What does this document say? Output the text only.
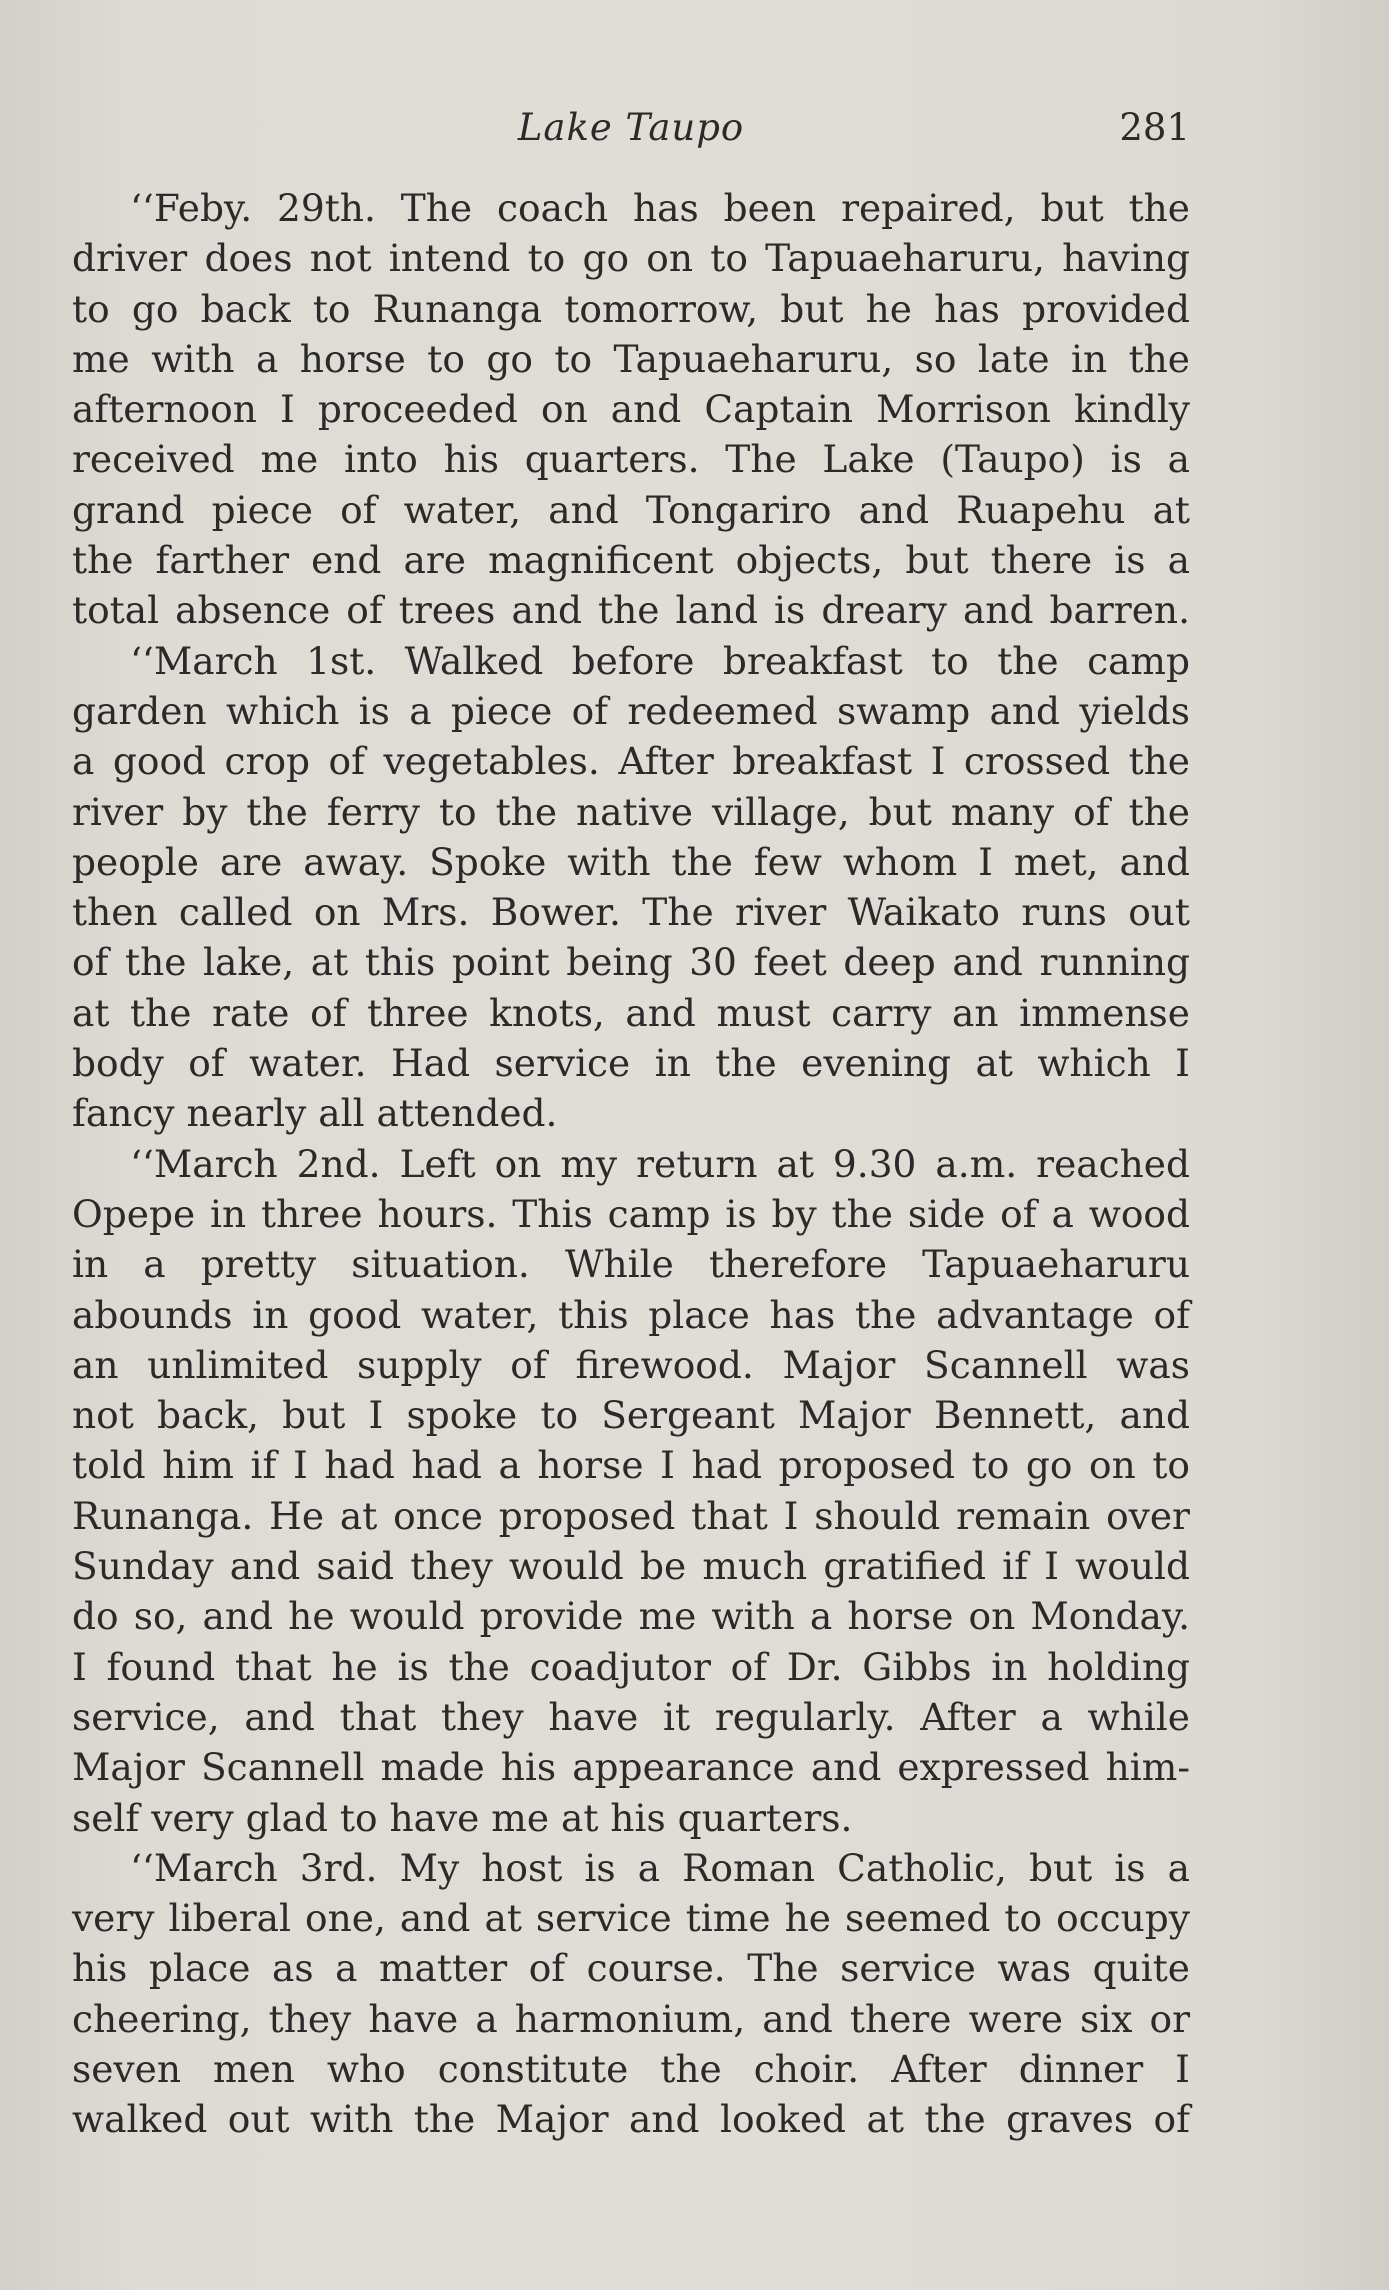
Lake Taupo	281

‘‘Feby. 29th. The coach has been repaired, but the
driver does not intend to go on to Tapuaeharuru, having
to go back to Runanga tomorrow, but he has provided
me with a horse to go to Tapuaeharuru, so late in the
afternoon I proceeded on and Captain Morrison kindly
received me into his quarters. The Lake (Taupo) is a
grand piece of water, and Tongariro and Ruapehu at
the farther end are magnificent objects, but there is a
total absence of trees and the land is dreary and barren.

‘‘March 1st. Walked before breakfast to the camp
garden which is a piece of redeemed swamp and yields
a good crop of vegetables. After breakfast I crossed the
river by the ferry to the native village, but many of the
people are away. Spoke with the few whom I met, and
then called on Mrs. Bower. The river Waikato runs out
of the lake, at this point being 30 feet deep and running
at the rate of three knots, and must carry an immense
body of water. Had service in the evening at which I
fancy nearly all attended.

‘‘March 2nd. Left on my return at 9.30 a.m. reached
Opepe in three hours. This camp is by the side of a wood
in a pretty situation. While therefore Tapuaeharuru
abounds in good water, this place has the advantage of
an unlimited supply of firewood. Major Scannell was
not back, but I spoke to Sergeant Major Bennett, and
told him if I had had a horse I had proposed to go on to
Runanga. He at once proposed that I should remain over
Sunday and said they would be much gratified if I would
do so, and he would provide me with a horse on Monday.
I found that he is the coadjutor of Dr. Gibbs in holding
service, and that they have it regularly. After a while
Major Scannell made his appearance and expressed him-
self very glad to have me at his quarters.

‘‘March 3rd. My host is a Roman Catholic, but is a
very liberal one, and at service time he seemed to occupy
his place as a matter of course. The service was quite
cheering, they have a harmonium, and there were six or
seven men who constitute the choir. After dinner I
walked out with the Major and looked at the graves of
